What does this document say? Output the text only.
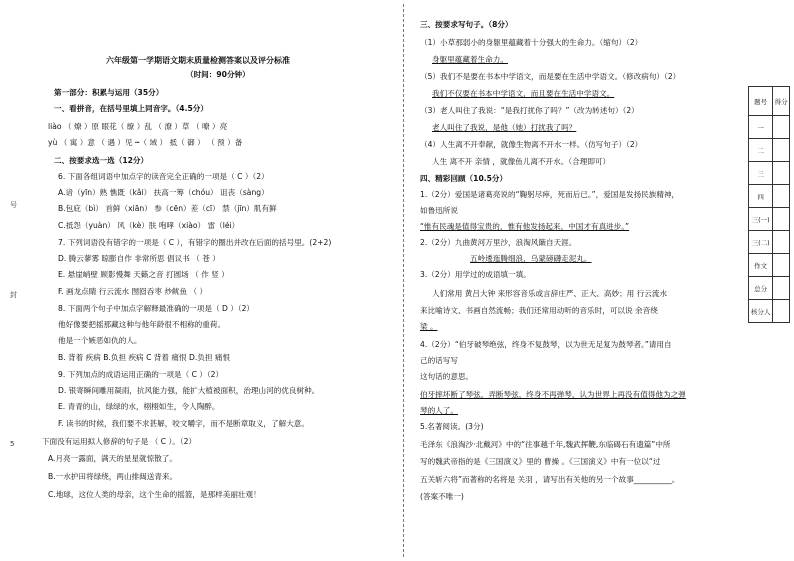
号
封
5
六年级第一学期语文期末质量检测答案以及评分标准
（时间：90分钟）
第一部分：积累与运用（35分）
一、看拼音，在括号里填上同音字。（4.5分）
liào （ 燎 ）原 眼花（ 缭 ）乱 （ 潦 ）草 （ 嘹 ）亮
yù （ 寓 ）意 （ 遇 ）见 ┅（ 域 ） 抵（ 御 ） （ 预 ）备
二、按要求选一选（12分）
6. 下面各组词语中加点字的读音完全正确的一项是（ C ）（2）
A.谙（yīn）熟 憔既（kǎi） 扶高一筹（chóu） 诅丧（sàng）
B.包庇（bì） 首鲜（xiān） 参（cēn）差（cī） 禁（jīn）肌有鲜
C.抵怨（yuàn） 风（kè）肤 咆哮（xiào） 雷（léi）
7. 下列词语没有错字的一项是（ C ），有错字的圈出并改在后面的括号里。(2+2)
D. 腾云蓼雾 晾膨自作 非常所思 倡议书 （ 苍 ）
E. 悬崖峭壁 顾影慢舞 天籁之音 打圆场 （ 作 竖 ）
F. 画龙点睛 行云流水 囫囵吞枣 炒鱿鱼 （ ）
8. 下面两个句子中加点字解释最准确的一项是（ D ）（2）
他好像要把摇那藏这种与他年龄很不相称的重荷。
他是一个嫉恶如仇的人。
B. 背着 疾病 B.负担 疾病 C 背着 痛恨 D.负担 痛恨
9. 下列加点的成语运用正确的一项是（ C ）（2）
D. 银寄瞬间雕用凝雨，抗风能力强，能扩大植被面积，治理山河的优良树种。
E. 青青的山，绿绿的水，栩栩如生，令人陶醉。
F. 读书的时候，我们要不求甚解，咬文嚼字，而不是断章取义，了解大意。
下面没有运用拟人修辞的句子是 （ C ）。（2）
A.月亮一露面，满天的星星就惊散了。
B.一水护田将绿绕，两山排闼送青来。
C.地球，这位人类的母亲，这个生命的摇篮，是那样美丽壮观！
三、按要求写句子。（8分）
（1）小草那弱小的身躯里蕴藏着十分强大的生命力。（缩句）（2）
身躯里蕴藏着生命力。
（5）我们不是要在书本中学语文，而是要在生活中学语文。（修改病句）（2）
我们不仅要在书本中学语文，而且要在生活中学语文。
（3）老人叫住了我说：“是我打扰你了吗？”（改为转述句）（2）
老人叫住了我说，是他（她）打扰我了吗？
（4）人生离不开奉献，就像生物离不开水一样。（仿写句子）（2）
人生 离不开 亲情 ，就像鱼儿离不开水。（合理即可）
四、精彩回顾（10.5分）
1.（2分）爱国是诸葛亮说的“鞠躬尽瘁，死而后已。”，爱国是发扬民族精神，
如鲁迅所说
“惟有民魂是值得宝贵的，惟有他发扬起来，中国才有真进步。”
2.（2分）九曲黄河万里沙，浪淘风簸自天涯。
五岭逶迤腾细浪，乌蒙磅礴走泥丸。
3.（2分）用学过的成语填一填。
人们常用 黄吕大钟 来形容音乐或言辞庄严、正大、高妙；用 行云流水
来比喻诗文、书画自然流畅；我们还常用动听的音乐时，可以说 余音绕
梁 。
4.（2分）“伯牙破琴绝弦，终身不复鼓琴，以为世无足复为鼓琴者。”请用自
己的话写写
这句话的意思。
伯牙摔坏断了琴弦，弄断琴弦，终身不再弹琴，认为世界上再没有值得他为之弹
琴的人了。
5.名著阅读。(3分)
毛泽东《浪淘沙·北戴河》中的“往事越千年,魏武挥鞭,东临碣石有遗篇”中所
写的魏武帝指的是《三国演义》里的 曹操 。《三国演义》中有一位以“过
五关斩六将”而著称的名将是 关羽 ，请写出有关他的另一个故事__________。
(答案不唯一)
题号	得分
一	
二	
三	
四	
三(一)	
三(二)	
作文	
总分	
核分人	
